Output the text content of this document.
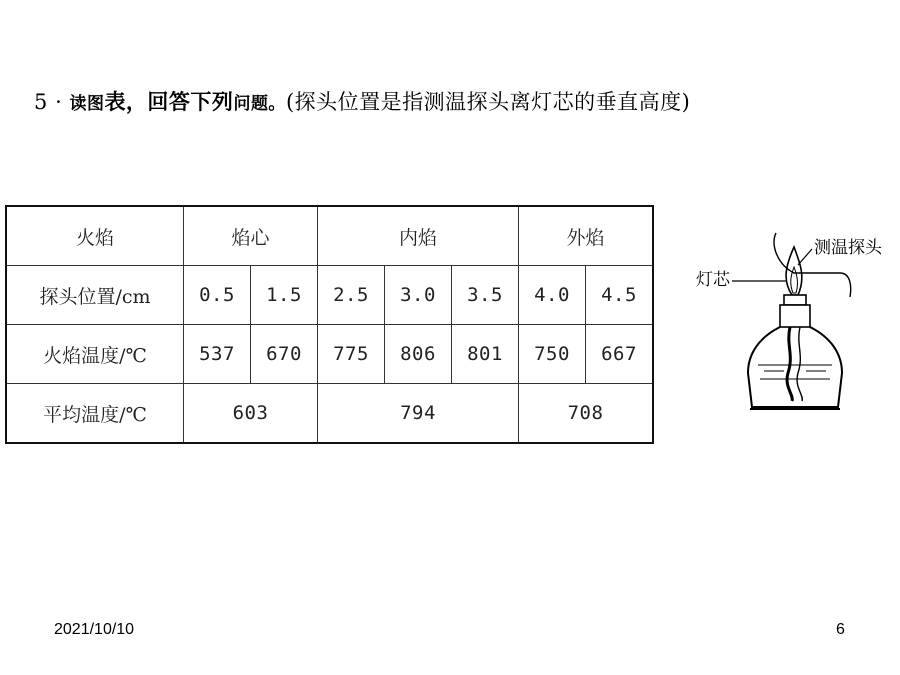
5 · 读图表，回答下列问题。(探头位置是指测温探头离灯芯的垂直高度)
火焰	焰心		内焰			外焰	
探头位置/cm	0.5	1.5	2.5	3.0	3.5	4.0	4.5
火焰温度/℃	537	670	775	806	801	750	667
平均温度/℃	603		794			708	
灯芯
测温探头
2021/10/10	6
